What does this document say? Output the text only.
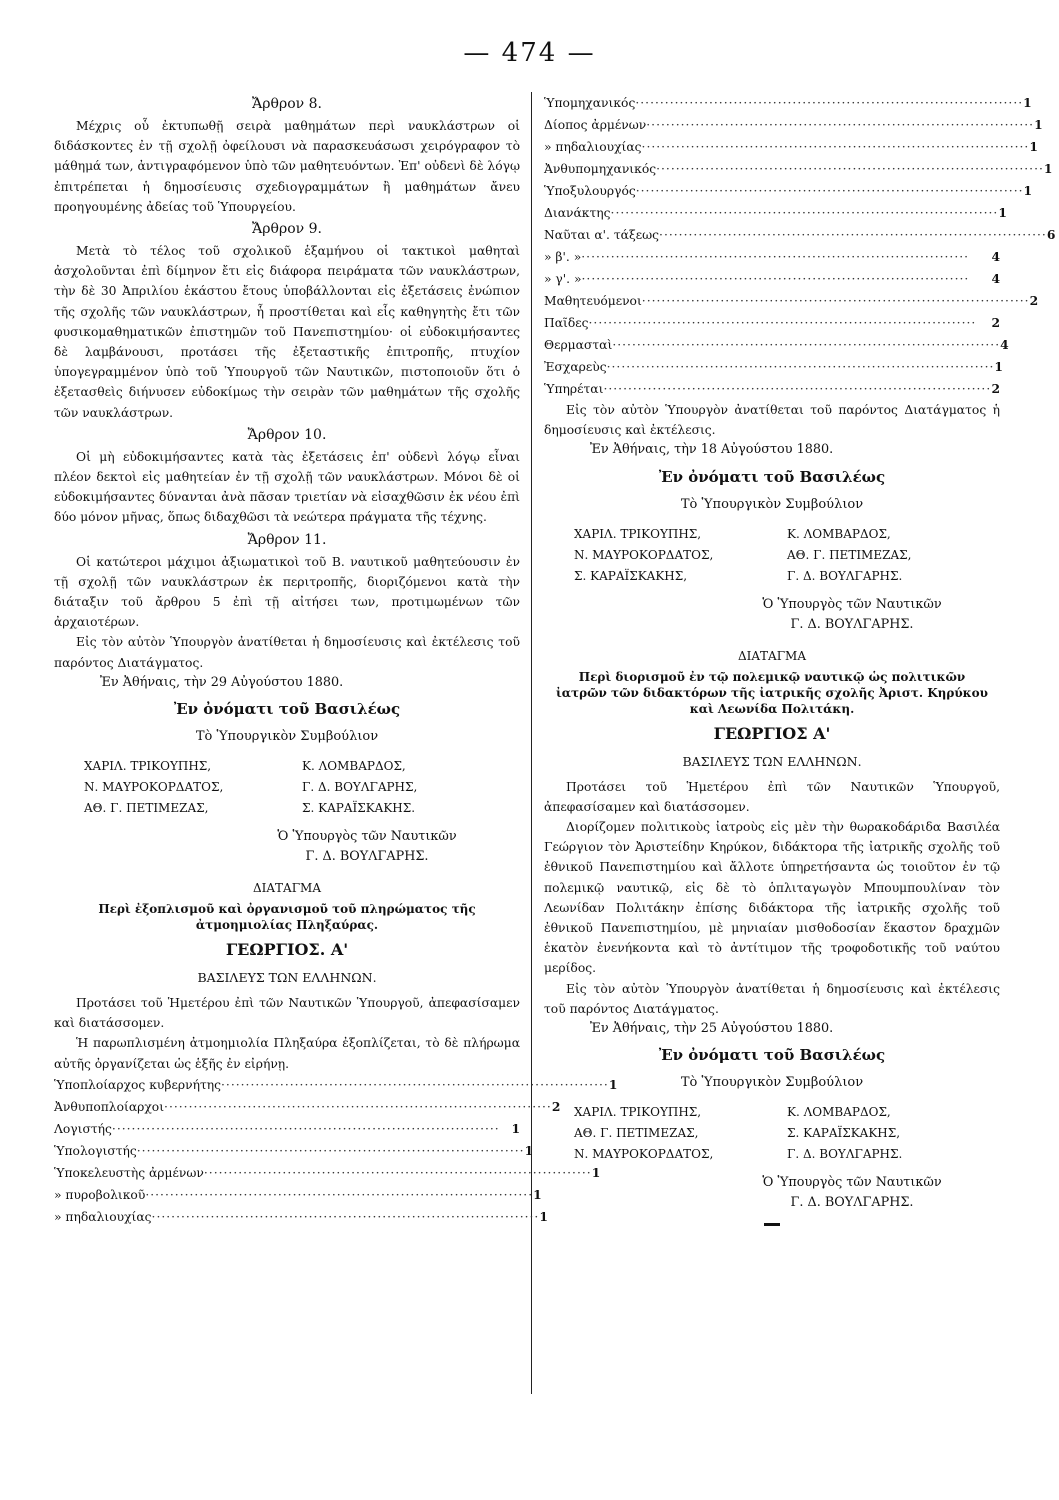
— 474 —
Ἄρθρον 8.

Μέχρις οὗ ἐκτυπωθῇ σειρὰ μαθημάτων περὶ ναυκλάστρων οἱ διδάσκοντες ἐν τῇ σχολῇ ὀφείλουσι νὰ παρασκευάσωσι χειρόγραφον τὸ μάθημά των, ἀντιγραφόμενον ὑπὸ τῶν μαθητευόντων. Ἐπ' οὐδενὶ δὲ λόγῳ ἐπιτρέπεται ἡ δημοσίευσις σχεδιογραμμάτων ἢ μαθημάτων ἄνευ προηγουμένης ἀδείας τοῦ Ὑπουργείου.

Ἄρθρον 9.

Μετὰ τὸ τέλος τοῦ σχολικοῦ ἑξαμήνου οἱ τακτικοὶ μαθηταὶ ἀσχολοῦνται ἐπὶ δίμηνον ἔτι εἰς διάφορα πειράματα τῶν ναυκλάστρων, τὴν δὲ 30 Ἀπριλίου ἑκάστου ἔτους ὑποβάλλονται εἰς ἐξετάσεις ἐνώπιον τῆς σχολῆς τῶν ναυκλάστρων, ἧ προστίθεται καὶ εἷς καθηγητὴς ἔτι τῶν φυσικομαθηματικῶν ἐπιστημῶν τοῦ Πανεπιστημίου· οἱ εὐδοκιμήσαντες δὲ λαμβάνουσι, προτάσει τῆς ἐξεταστικῆς ἐπιτροπῆς, πτυχίον ὑπογεγραμμένον ὑπὸ τοῦ Ὑπουργοῦ τῶν Ναυτικῶν, πιστοποιοῦν ὅτι ὁ ἐξετασθεὶς διήνυσεν εὐδοκίμως τὴν σειρὰν τῶν μαθημάτων τῆς σχολῆς τῶν ναυκλάστρων.

Ἄρθρον 10.

Οἱ μὴ εὐδοκιμήσαντες κατὰ τὰς ἐξετάσεις ἐπ' οὐδενὶ λόγῳ εἶναι πλέον δεκτοὶ εἰς μαθητείαν ἐν τῇ σχολῇ τῶν ναυκλάστρων. Μόνοι δὲ οἱ εὐδοκιμήσαντες δύνανται ἀνὰ πᾶσαν τριετίαν νὰ εἰσαχθῶσιν ἐκ νέου ἐπὶ δύο μόνον μῆνας, ὅπως διδαχθῶσι τὰ νεώτερα πράγματα τῆς τέχνης.

Ἄρθρον 11.

Οἱ κατώτεροι μάχιμοι ἀξιωματικοὶ τοῦ Β. ναυτικοῦ μαθητεύουσιν ἐν τῇ σχολῇ τῶν ναυκλάστρων ἐκ περιτροπῆς, διοριζόμενοι κατὰ τὴν διάταξιν τοῦ ἄρθρου 5 ἐπὶ τῇ αἰτήσει των, προτιμωμένων τῶν ἀρχαιοτέρων.

Εἰς τὸν αὐτὸν Ὑπουργὸν ἀνατίθεται ἡ δημοσίευσις καὶ ἐκτέλεσις τοῦ παρόντος Διατάγματος.

Ἐν Ἀθήναις, τὴν 29 Αὐγούστου 1880.

Ἐν ὀνόματι τοῦ Βασιλέως
Τὸ Ὑπουργικὸν Συμβούλιον
ΧΑΡΙΛ. ΤΡΙΚΟΥΠΗΣ,	Κ. ΛΟΜΒΑΡΔΟΣ,
Ν. ΜΑΥΡΟΚΟΡΔΑΤΟΣ,	Γ. Δ. ΒΟΥΛΓΑΡΗΣ,
ΑΘ. Γ. ΠΕΤΙΜΕΖΑΣ,	Σ. ΚΑΡΑΪΣΚΑΚΗΣ.
Ὁ Ὑπουργὸς τῶν Ναυτικῶν
Γ. Δ. ΒΟΥΛΓΑΡΗΣ.
ΔΙΑΤΑΓΜΑ
Περὶ ἐξοπλισμοῦ καὶ ὀργανισμοῦ τοῦ πληρώματος τῆς ἀτμοημιολίας Πληξαύρας.
ΓΕΩΡΓΙΟΣ. Α'
ΒΑΣΙΛΕΥΣ ΤΩΝ ΕΛΛΗΝΩΝ.

Προτάσει τοῦ Ἡμετέρου ἐπὶ τῶν Ναυτικῶν Ὑπουργοῦ, ἀπεφασίσαμεν καὶ διατάσσομεν.

Ἡ παρωπλισμένη ἀτμοημιολία Πληξαύρα ἐξοπλίζεται, τὸ δὲ πλήρωμα αὐτῆς ὀργανίζεται ὡς ἑξῆς ἐν εἰρήνῃ.

Ὑποπλοίαρχος κυβερνήτης ··············································································· 1
Ἀνθυποπλοίαρχοι ··············································································· 2
Λογιστής ··············································································· 1
Ὑπολογιστής ··············································································· 1
Ὑποκελευστὴς ἀρμένων ··············································································· 1
» πυροβολικοῦ ··············································································· 1
» πηδαλιουχίας ··············································································· 1
Ὑπομηχανικός ··············································································· 1
Δίοπος ἀρμένων ··············································································· 1
» πηδαλιουχίας ··············································································· 1
Ἀνθυπομηχανικός ··············································································· 1
Ὑποξυλουργός ··············································································· 1
Διανάκτης ··············································································· 1
Ναῦται α'. τάξεως ··············································································· 6
» β'. » ···············································································	4
» γ'. » ···············································································	4
Μαθητευόμενοι ··············································································· 2
Παῖδες ···············································································	2
Θερμασταὶ ··············································································· 4
Ἐσχαρεὺς ··············································································· 1
Ὑπηρέται ··············································································· 2

Εἰς τὸν αὐτὸν Ὑπουργὸν ἀνατίθεται τοῦ παρόντος Διατάγματος ἡ δημοσίευσις καὶ ἐκτέλεσις.

Ἐν Ἀθήναις, τὴν 18 Αὐγούστου 1880.

Ἐν ὀνόματι τοῦ Βασιλέως
Τὸ Ὑπουργικὸν Συμβούλιον
ΧΑΡΙΛ. ΤΡΙΚΟΥΠΗΣ,	Κ. ΛΟΜΒΑΡΔΟΣ,
Ν. ΜΑΥΡΟΚΟΡΔΑΤΟΣ,	ΑΘ. Γ. ΠΕΤΙΜΕΖΑΣ,
Σ. ΚΑΡΑΪΣΚΑΚΗΣ,	Γ. Δ. ΒΟΥΛΓΑΡΗΣ.
Ὁ Ὑπουργὸς τῶν Ναυτικῶν
Γ. Δ. ΒΟΥΛΓΑΡΗΣ.
ΔΙΑΤΑΓΜΑ
Περὶ διορισμοῦ ἐν τῷ πολεμικῷ ναυτικῷ ὡς πολιτικῶν ἰατρῶν τῶν διδακτόρων τῆς ἰατρικῆς σχολῆς Ἀριστ. Κηρύκου καὶ Λεωνίδα Πολιτάκη.
ΓΕΩΡΓΙΟΣ Α'
ΒΑΣΙΛΕΥΣ ΤΩΝ ΕΛΛΗΝΩΝ.

Προτάσει τοῦ Ἡμετέρου ἐπὶ τῶν Ναυτικῶν Ὑπουργοῦ, ἀπεφασίσαμεν καὶ διατάσσομεν.

Διορίζομεν πολιτικοὺς ἰατροὺς εἰς μὲν τὴν θωρακοδάριδα Βασιλέα Γεώργιον τὸν Ἀριστείδην Κηρύκον, διδάκτορα τῆς ἰατρικῆς σχολῆς τοῦ ἐθνικοῦ Πανεπιστημίου καὶ ἄλλοτε ὑπηρετήσαντα ὡς τοιοῦτον ἐν τῷ πολεμικῷ ναυτικῷ, εἰς δὲ τὸ ὁπλιταγωγὸν Μπουμπουλίναν τὸν Λεωνίδαν Πολιτάκην ἐπίσης διδάκτορα τῆς ἰατρικῆς σχολῆς τοῦ ἐθνικοῦ Πανεπιστημίου, μὲ μηνιαίαν μισθοδοσίαν ἕκαστον δραχμῶν ἑκατὸν ἐνενήκοντα καὶ τὸ ἀντίτιμον τῆς τροφοδοτικῆς τοῦ ναύτου μερίδος.

Εἰς τὸν αὐτὸν Ὑπουργὸν ἀνατίθεται ἡ δημοσίευσις καὶ ἐκτέλεσις τοῦ παρόντος Διατάγματος.

Ἐν Ἀθήναις, τὴν 25 Αὐγούστου 1880.

Ἐν ὀνόματι τοῦ Βασιλέως
Τὸ Ὑπουργικὸν Συμβούλιον
ΧΑΡΙΛ. ΤΡΙΚΟΥΠΗΣ,	Κ. ΛΟΜΒΑΡΔΟΣ,
ΑΘ. Γ. ΠΕΤΙΜΕΖΑΣ,	Σ. ΚΑΡΑΪΣΚΑΚΗΣ,
Ν. ΜΑΥΡΟΚΟΡΔΑΤΟΣ,	Γ. Δ. ΒΟΥΛΓΑΡΗΣ.
Ὁ Ὑπουργὸς τῶν Ναυτικῶν
Γ. Δ. ΒΟΥΛΓΑΡΗΣ.
